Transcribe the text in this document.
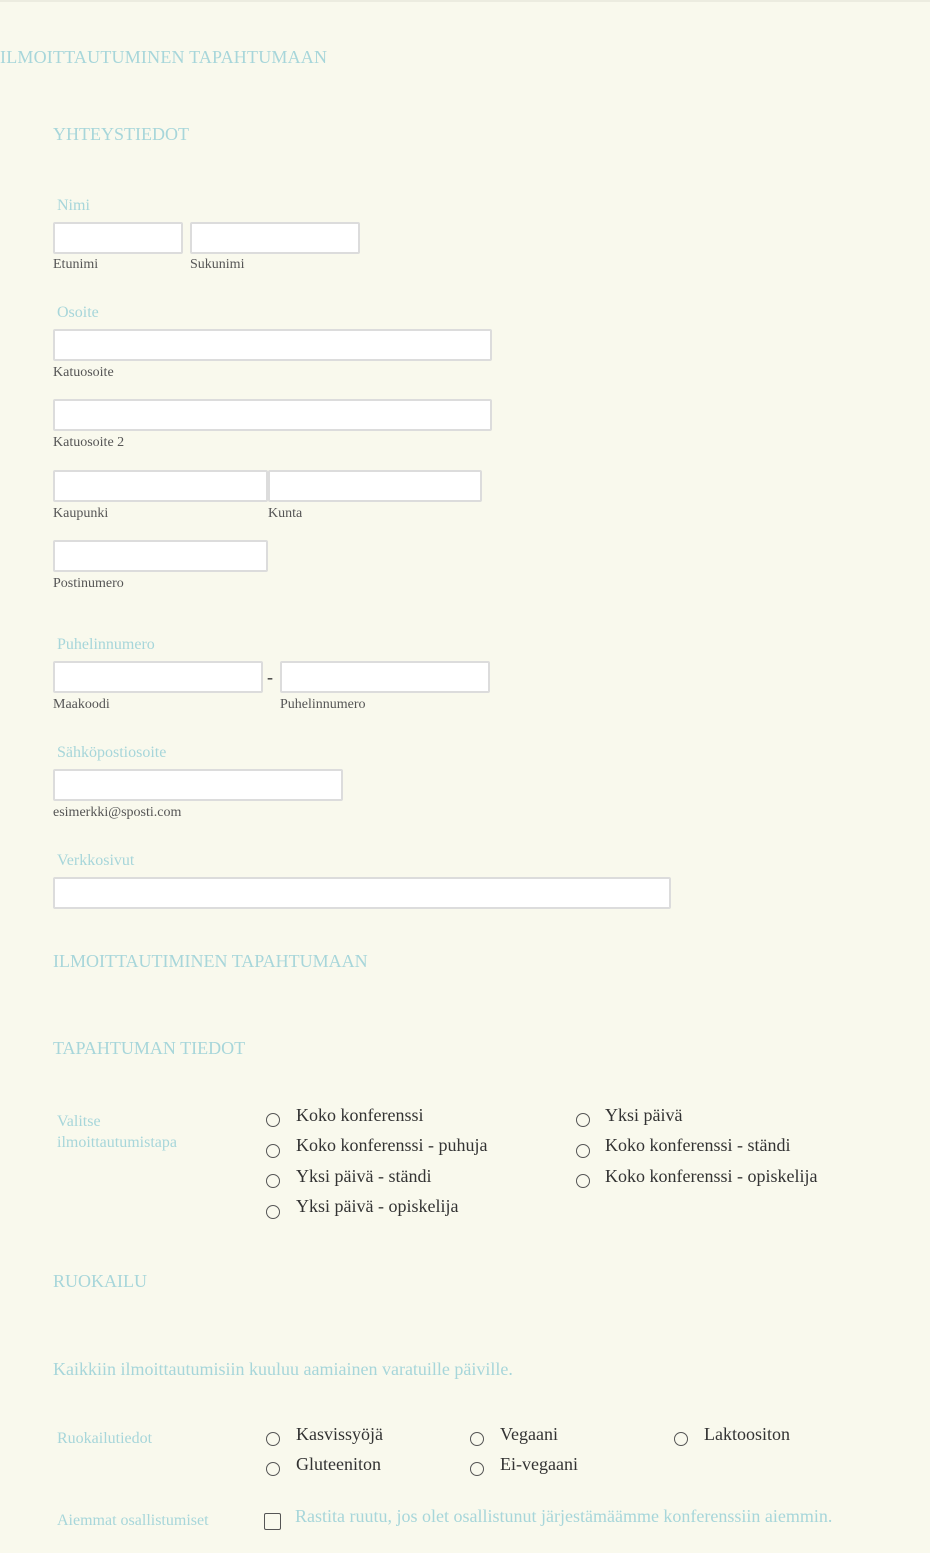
ILMOITTAUTUMINEN TAPAHTUMAAN
YHTEYSTIEDOT
Nimi
Etunimi	Sukunimi
Osoite
Katuosoite
Katuosoite 2
Kaupunki	Kunta
Postinumero
Puhelinnumero
-
Maakoodi	Puhelinnumero
Sähköpostiosoite
esimerkki@sposti.com
Verkkosivut
ILMOITTAUTIMINEN TAPAHTUMAAN
TAPAHTUMAN TIEDOT
Valitse
ilmoittautumistapa
Koko konferenssi	Yksi päivä
Koko konferenssi - puhuja	Koko konferenssi - ständi
Yksi päivä - ständi	Koko konferenssi - opiskelija
Yksi päivä - opiskelija
RUOKAILU
Kaikkiin ilmoittautumisiin kuuluu aamiainen varatuille päiville.
Ruokailutiedot	Kasvissyöjä	Vegaani	Laktoositon
Gluteeniton	Ei-vegaani
Aiemmat osallistumiset	Rastita ruutu, jos olet osallistunut järjestämäämme konferenssiin aiemmin.
